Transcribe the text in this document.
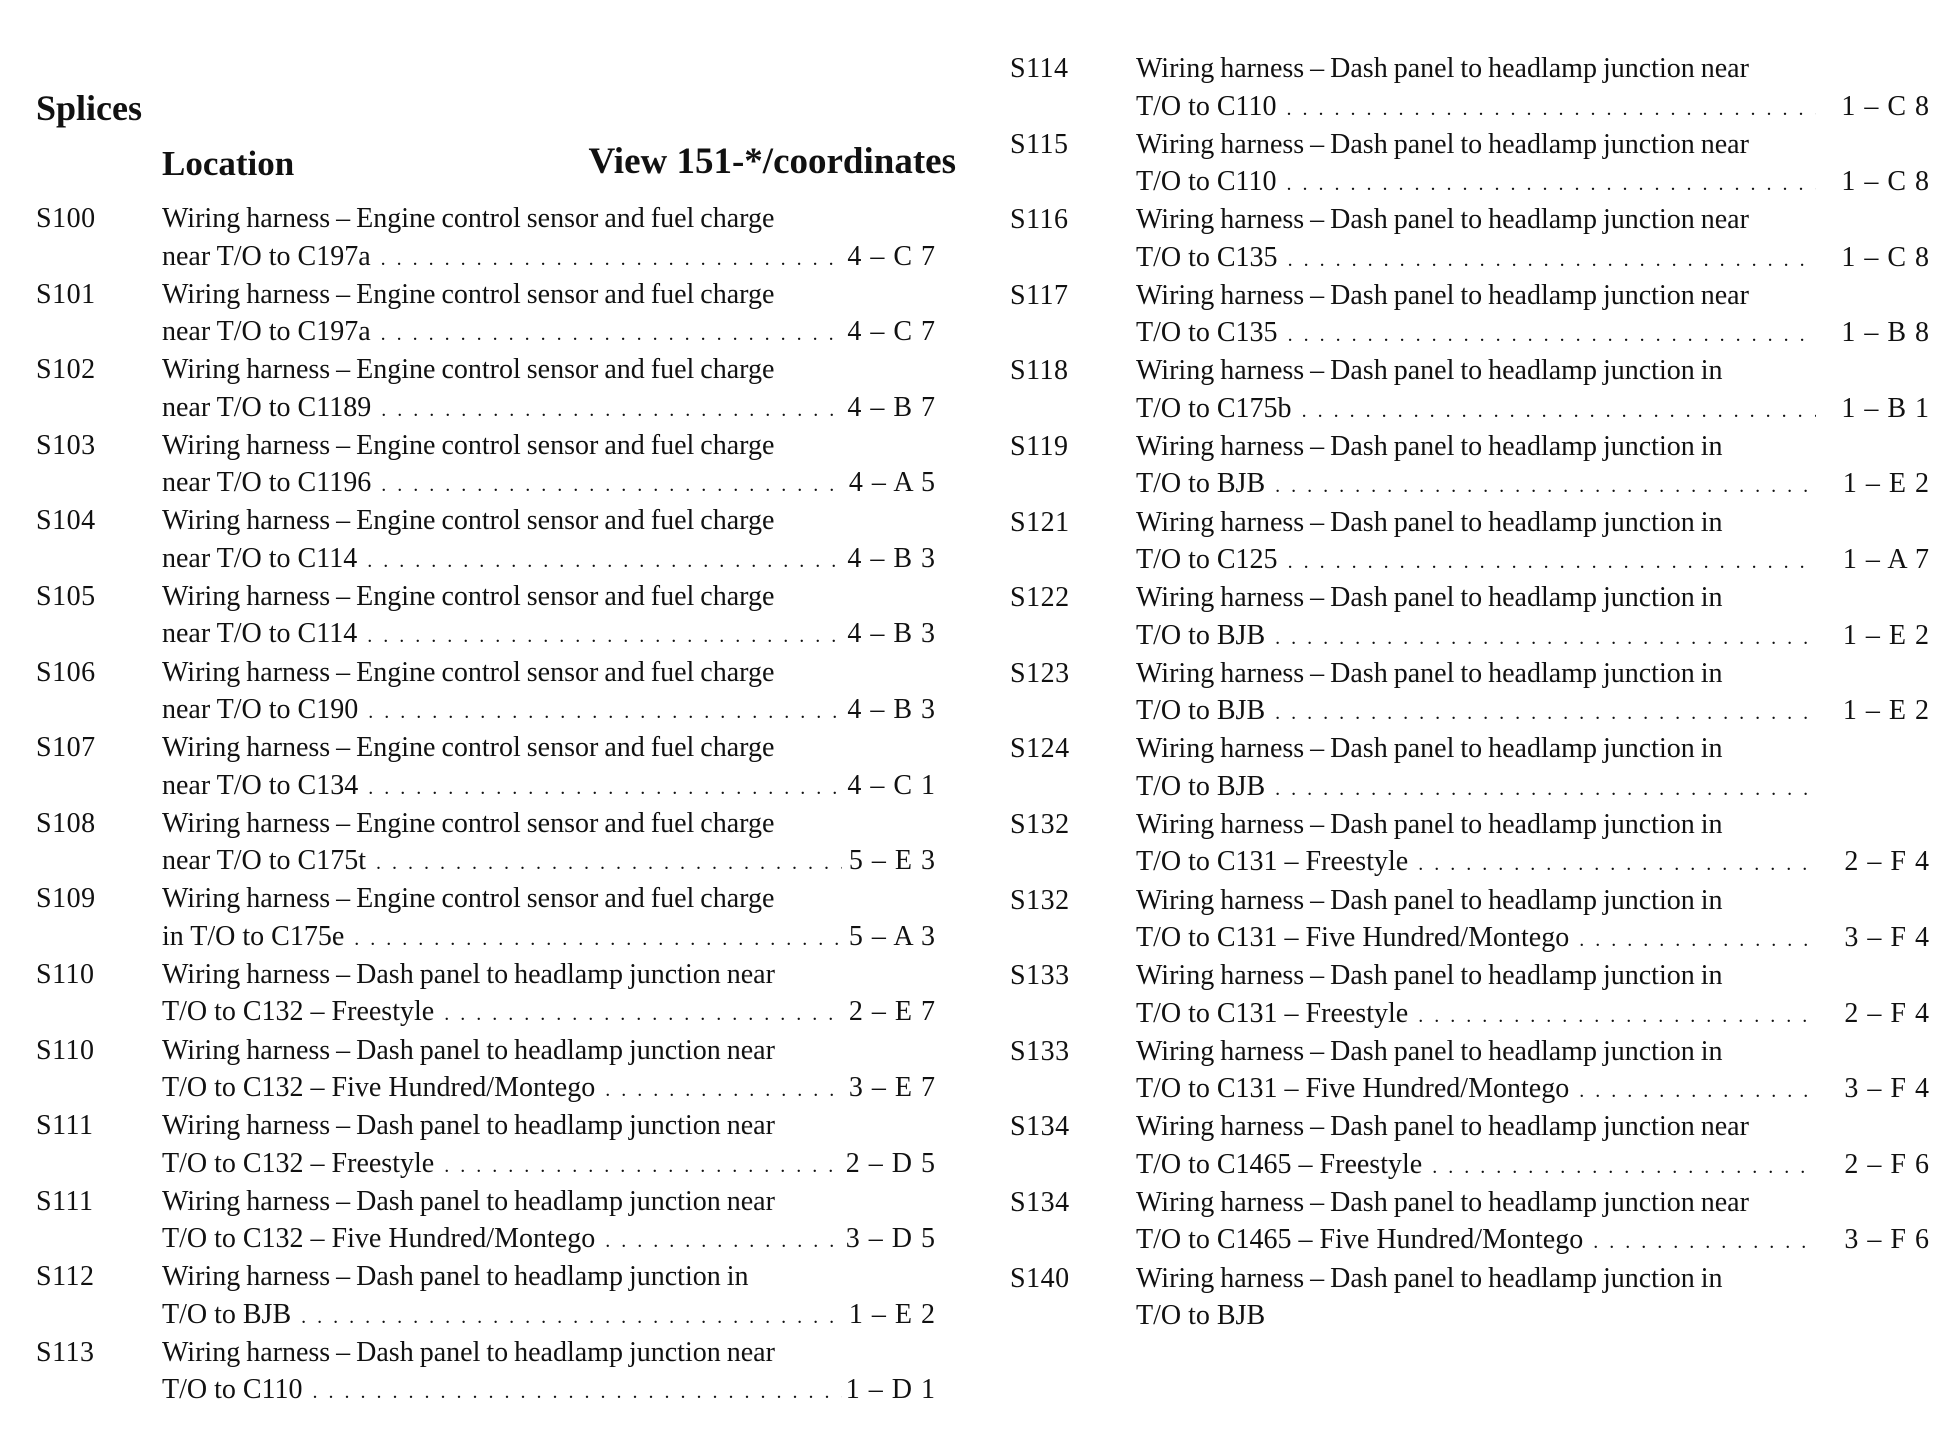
Splices
Location	View 151-*/coordinates
S100 Wiring harness – Engine control sensor and fuel charge
near T/O to C197a . . .	4 – C 7
S101 Wiring harness – Engine control sensor and fuel charge
near T/O to C197a . . .	4 – C 7
S102 Wiring harness – Engine control sensor and fuel charge
near T/O to C1189 . . .	4 – B 7
S103 Wiring harness – Engine control sensor and fuel charge
near T/O to C1196 . . .	4 – A 5
S104 Wiring harness – Engine control sensor and fuel charge
near T/O to C114 . . .	4 – B 3
S105 Wiring harness – Engine control sensor and fuel charge
near T/O to C114 . . .	4 – B 3
S106 Wiring harness – Engine control sensor and fuel charge
near T/O to C190 . . .	4 – B 3
S107 Wiring harness – Engine control sensor and fuel charge
near T/O to C134 . . .	4 – C 1
S108 Wiring harness – Engine control sensor and fuel charge
near T/O to C175t . . .	5 – E 3
S109 Wiring harness – Engine control sensor and fuel charge
in T/O to C175e . . .	5 – A 3
S110 Wiring harness – Dash panel to headlamp junction near
T/O to C132 – Freestyle . . .	2 – E 7
S110 Wiring harness – Dash panel to headlamp junction near
T/O to C132 – Five Hundred/Montego . . .	3 – E 7
S111 Wiring harness – Dash panel to headlamp junction near
T/O to C132 – Freestyle . . .	2 – D 5
S111 Wiring harness – Dash panel to headlamp junction near
T/O to C132 – Five Hundred/Montego . . .	3 – D 5
S112 Wiring harness – Dash panel to headlamp junction in
T/O to BJB . . .	1 – E 2
S113 Wiring harness – Dash panel to headlamp junction near
T/O to C110 . . .	1 – D 1
S114 Wiring harness – Dash panel to headlamp junction near
T/O to C110 . . .	1 – C 8
S115 Wiring harness – Dash panel to headlamp junction near
T/O to C110 . . .	1 – C 8
S116 Wiring harness – Dash panel to headlamp junction near
T/O to C135 . . .	1 – C 8
S117 Wiring harness – Dash panel to headlamp junction near
T/O to C135 . . .	1 – B 8
S118 Wiring harness – Dash panel to headlamp junction in
T/O to C175b . . .	1 – B 1
S119 Wiring harness – Dash panel to headlamp junction in
T/O to BJB . . .	1 – E 2
S121 Wiring harness – Dash panel to headlamp junction in
T/O to C125 . . .	1 – A 7
S122 Wiring harness – Dash panel to headlamp junction in
T/O to BJB . . .	1 – E 2
S123 Wiring harness – Dash panel to headlamp junction in
T/O to BJB . . .	1 – E 2
S124 Wiring harness – Dash panel to headlamp junction in
T/O to BJB
. . .
S132 Wiring harness – Dash panel to headlamp junction in
T/O to C131 – Freestyle . . .	2 – F 4
S132 Wiring harness – Dash panel to headlamp junction in
T/O to C131 – Five Hundred/Montego . . .	3 – F 4
S133 Wiring harness – Dash panel to headlamp junction in
T/O to C131 – Freestyle . . .	2 – F 4
S133 Wiring harness – Dash panel to headlamp junction in
T/O to C131 – Five Hundred/Montego . . .	3 – F 4
S134 Wiring harness – Dash panel to headlamp junction near
T/O to C1465 – Freestyle . . .	2 – F 6
S134 Wiring harness – Dash panel to headlamp junction near
T/O to C1465 – Five Hundred/Montego . . .	3 – F 6
S140 Wiring harness – Dash panel to headlamp junction in
T/O to BJB
